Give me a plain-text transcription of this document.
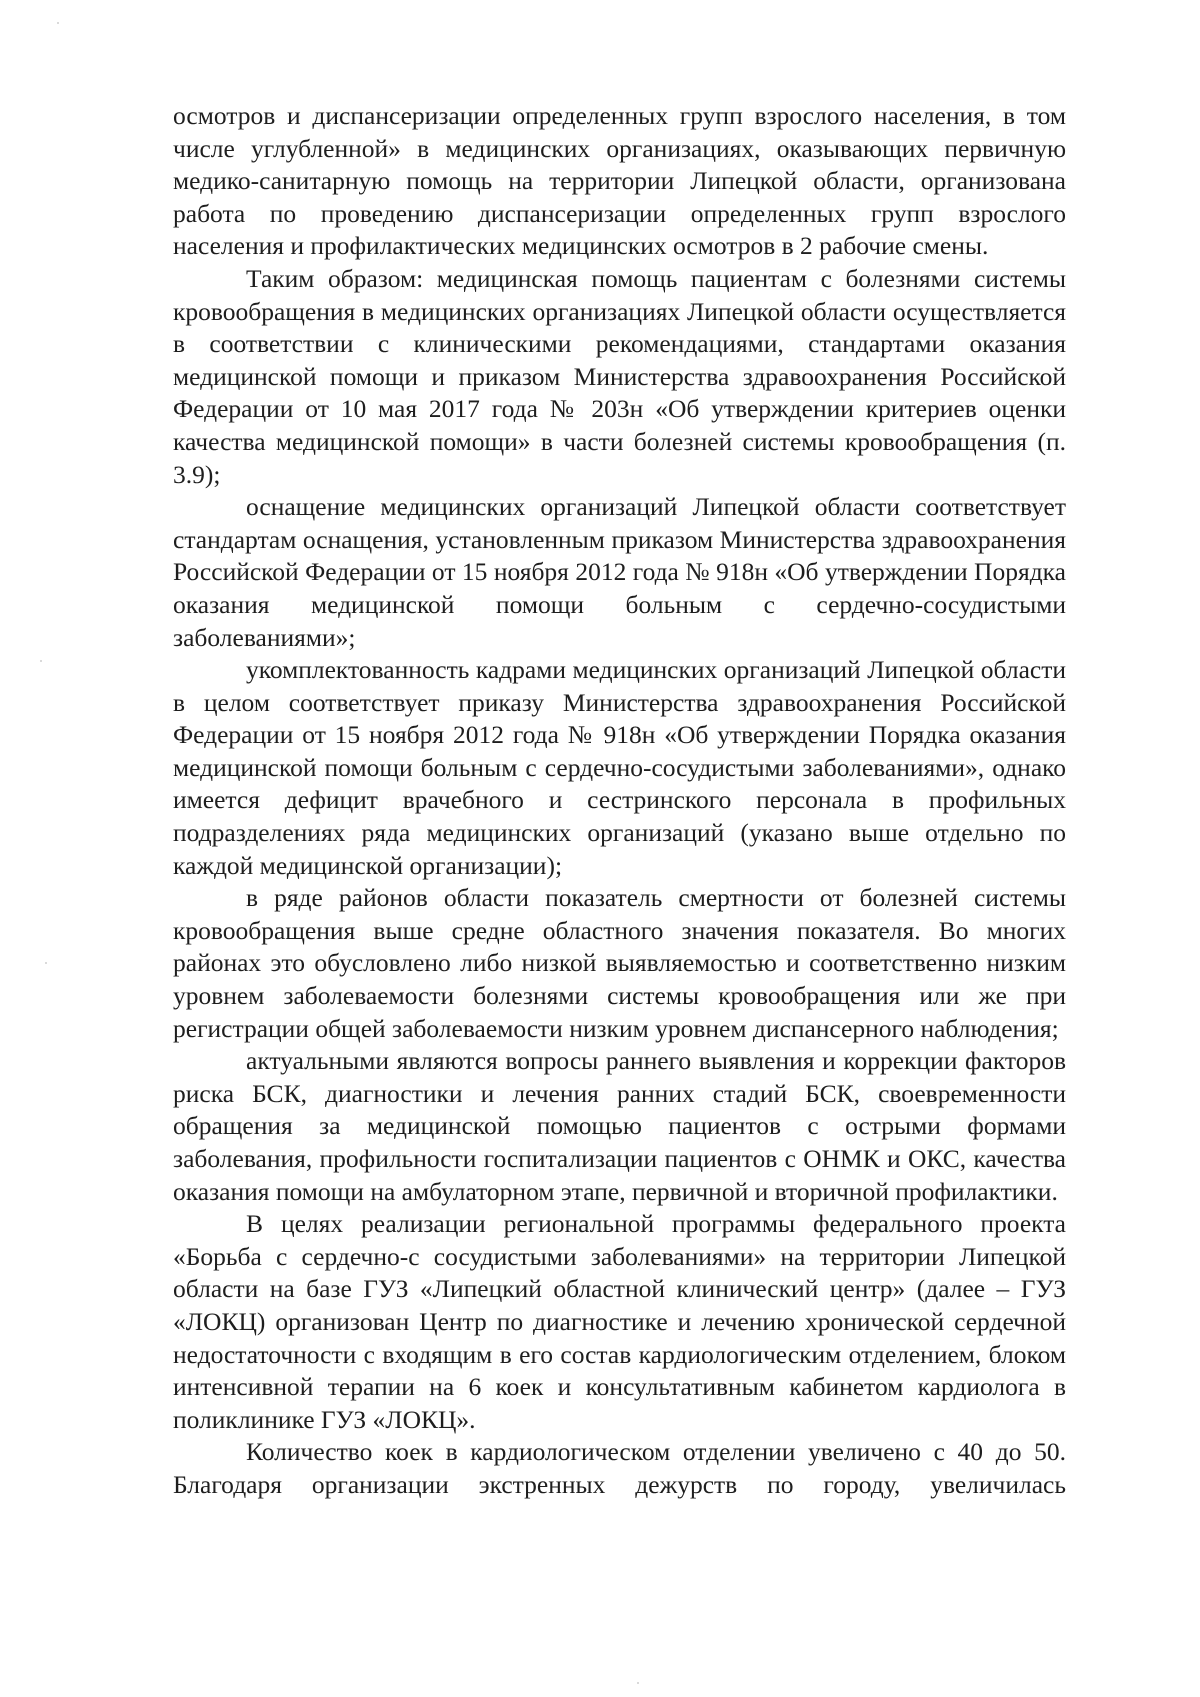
осмотров и диспансеризации определенных групп взрослого населения, в том числе углубленной» в медицинских организациях, оказывающих первичную медико-санитарную помощь на территории Липецкой области, организована работа по проведению диспансеризации определенных групп взрослого населения и профилактических медицинских осмотров в 2 рабочие смены.

Таким образом: медицинская помощь пациентам с болезнями системы кровообращения в медицинских организациях Липецкой области осуществляется в соответствии с клиническими рекомендациями, стандартами оказания медицинской помощи и приказом Министерства здравоохранения Российской Федерации от 10 мая 2017 года № 203н «Об утверждении критериев оценки качества медицинской помощи» в части болезней системы кровообращения (п. 3.9);

оснащение медицинских организаций Липецкой области соответствует стандартам оснащения, установленным приказом Министерства здравоохранения Российской Федерации от 15 ноября 2012 года № 918н «Об утверждении Порядка оказания медицинской помощи больным с сердечно-сосудистыми заболеваниями»;

укомплектованность кадрами медицинских организаций Липецкой области в целом соответствует приказу Министерства здравоохранения Российской Федерации от 15 ноября 2012 года № 918н «Об утверждении Порядка оказания медицинской помощи больным с сердечно-сосудистыми заболеваниями», однако имеется дефицит врачебного и сестринского персонала в профильных подразделениях ряда медицинских организаций (указано выше отдельно по каждой медицинской организации);

в ряде районов области показатель смертности от болезней системы кровообращения выше средне областного значения показателя. Во многих районах это обусловлено либо низкой выявляемостью и соответственно низким уровнем заболеваемости болезнями системы кровообращения или же при регистрации общей заболеваемости низким уровнем диспансерного наблюдения;

актуальными являются вопросы раннего выявления и коррекции факторов риска БСК, диагностики и лечения ранних стадий БСК, своевременности обращения за медицинской помощью пациентов с острыми формами заболевания, профильности госпитализации пациентов с ОНМК и ОКС, качества оказания помощи на амбулаторном этапе, первичной и вторичной профилактики.

В целях реализации региональной программы федерального проекта «Борьба с сердечно-с сосудистыми заболеваниями» на территории Липецкой области на базе ГУЗ «Липецкий областной клинический центр» (далее – ГУЗ «ЛОКЦ) организован Центр по диагностике и лечению хронической сердечной недостаточности с входящим в его состав кардиологическим отделением, блоком интенсивной терапии на 6 коек и консультативным кабинетом кардиолога в поликлинике ГУЗ «ЛОКЦ».

Количество коек в кардиологическом отделении увеличено с 40 до 50. Благодаря организации экстренных дежурств по городу, увеличилась
